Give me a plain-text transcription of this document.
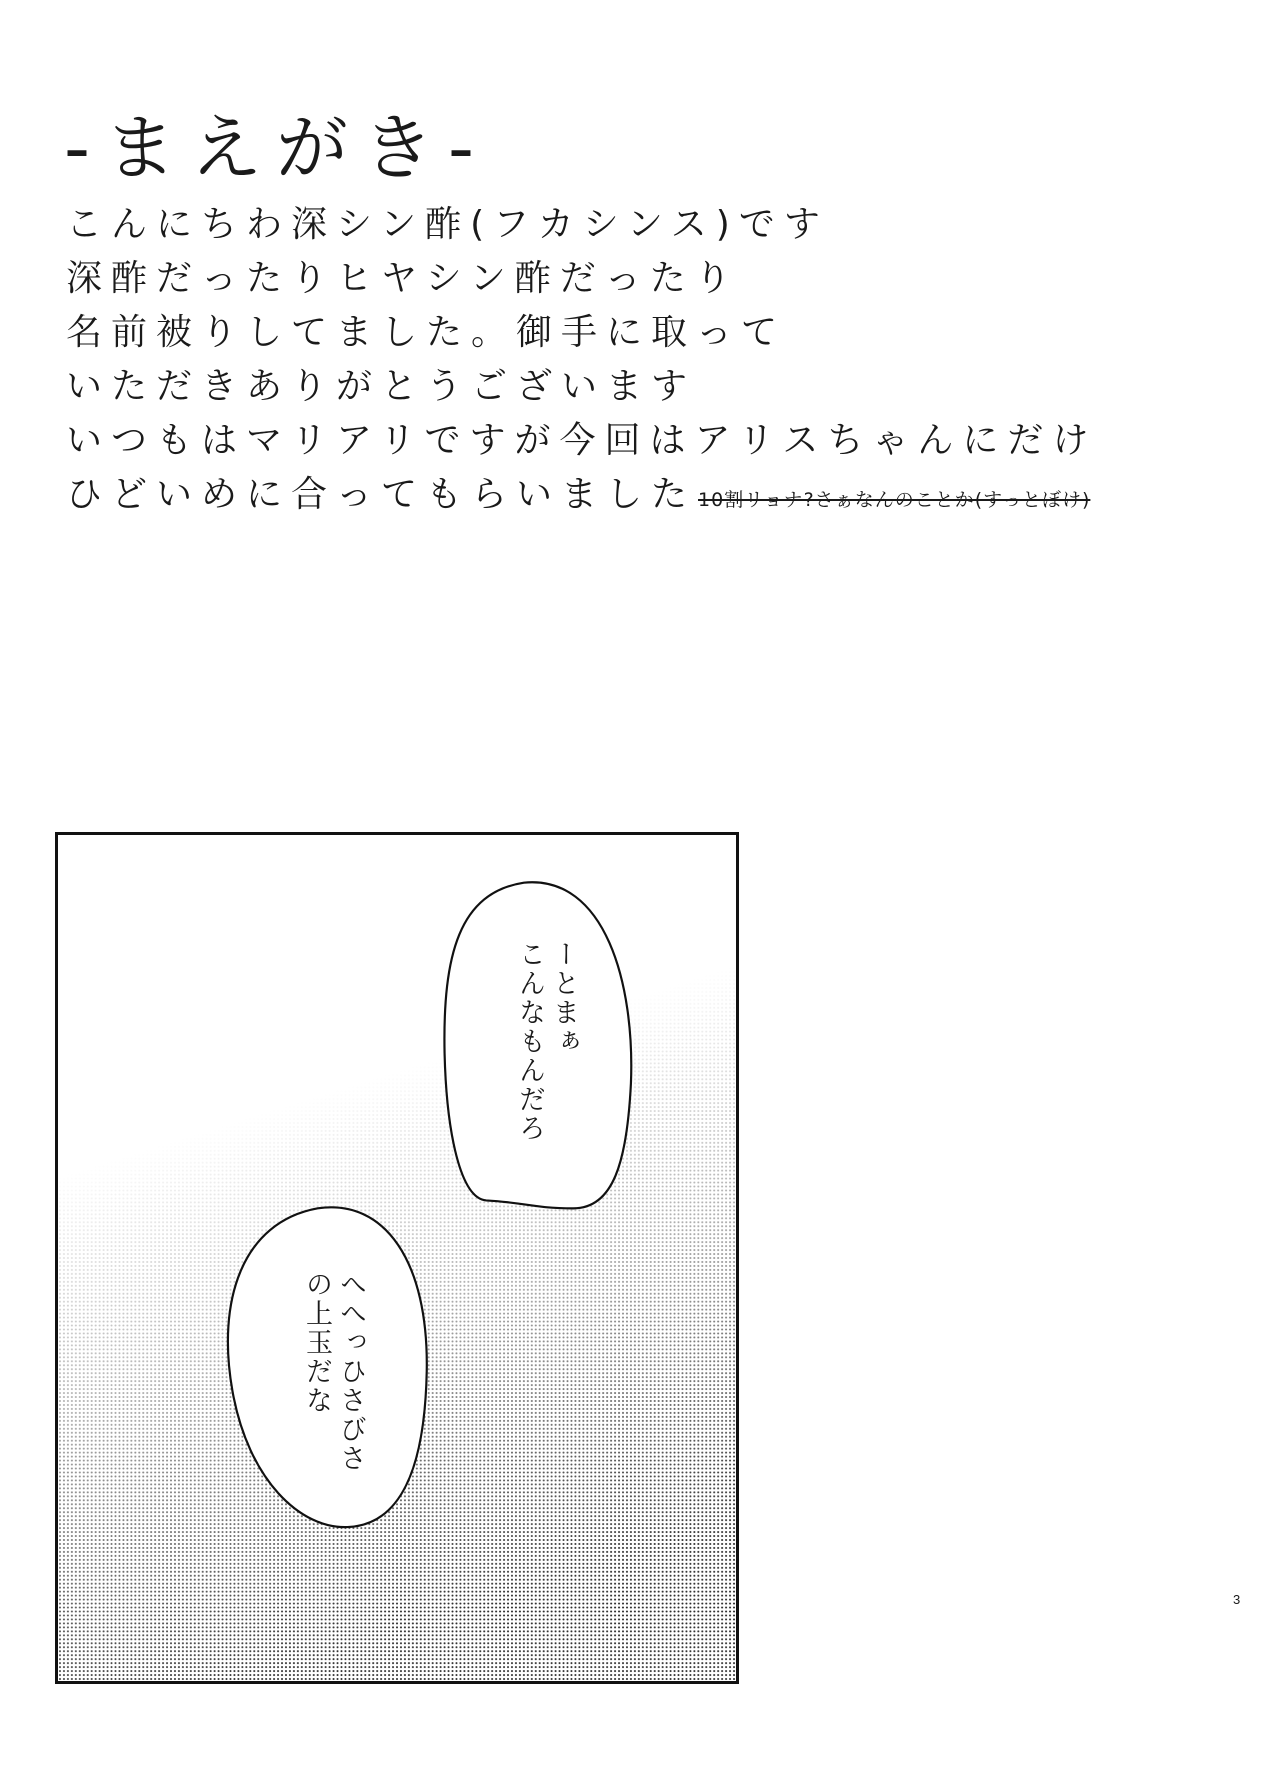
-まえがき-
こんにちわ深シン酢(フカシンス)です
深酢だったりヒヤシン酢だったり
名前被りしてました。御手に取って
いただきありがとうございます
いつもはマリアリですが今回はアリスちゃんにだけ
ひどいめに合ってもらいました 10割リョナ?さぁなんのことか(すっとぼけ)
ーとまぁ
こんなもんだろ
へへっひさびさ
の上玉だな
3
